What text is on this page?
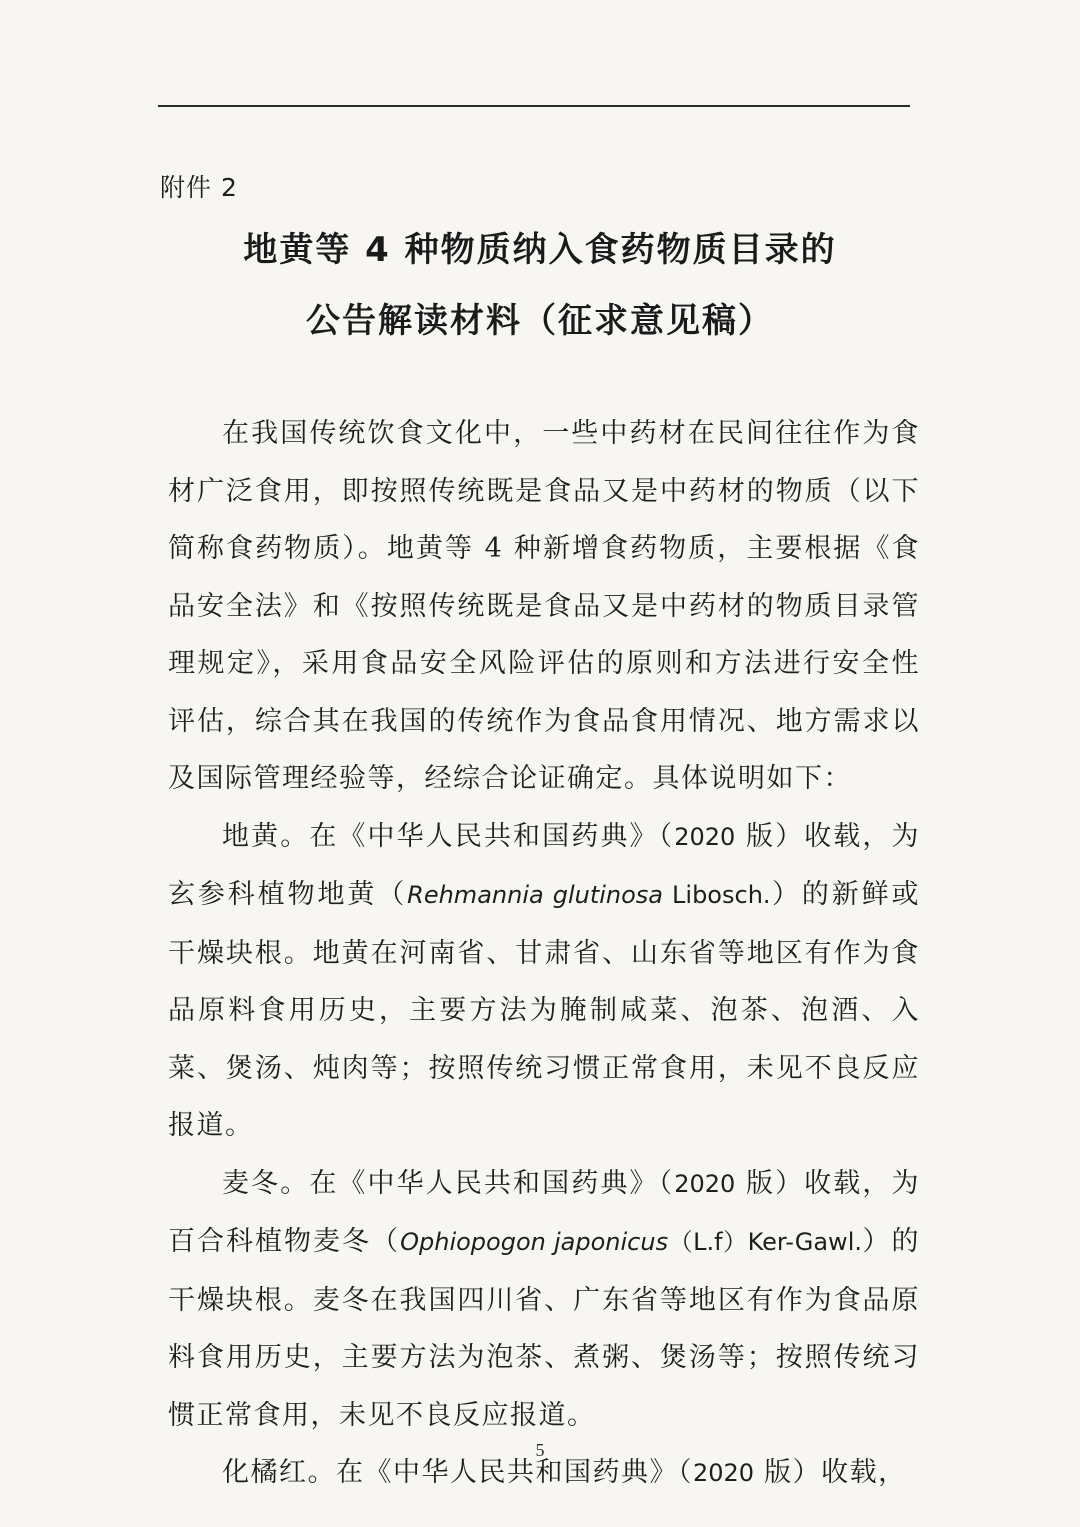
附件 2
地黄等 4 种物质纳入食药物质目录的
公告解读材料（征求意见稿）

在我国传统饮食文化中，一些中药材在民间往往作为食材广泛食用，即按照传统既是食品又是中药材的物质（以下简称食药物质）。地黄等 4 种新增食药物质，主要根据《食品安全法》和《按照传统既是食品又是中药材的物质目录管理规定》，采用食品安全风险评估的原则和方法进行安全性评估，综合其在我国的传统作为食品食用情况、地方需求以及国际管理经验等，经综合论证确定。具体说明如下：

地黄。在《中华人民共和国药典》（2020 版）收载，为玄参科植物地黄（Rehmannia glutinosa Libosch.）的新鲜或干燥块根。地黄在河南省、甘肃省、山东省等地区有作为食品原料食用历史，主要方法为腌制咸菜、泡茶、泡酒、入菜、煲汤、炖肉等；按照传统习惯正常食用，未见不良反应报道。

麦冬。在《中华人民共和国药典》（2020 版）收载，为百合科植物麦冬（Ophiopogon japonicus（L.f）Ker-Gawl.）的干燥块根。麦冬在我国四川省、广东省等地区有作为食品原料食用历史，主要方法为泡茶、煮粥、煲汤等；按照传统习惯正常食用，未见不良反应报道。

化橘红。在《中华人民共和国药典》（2020 版）收载，

5
